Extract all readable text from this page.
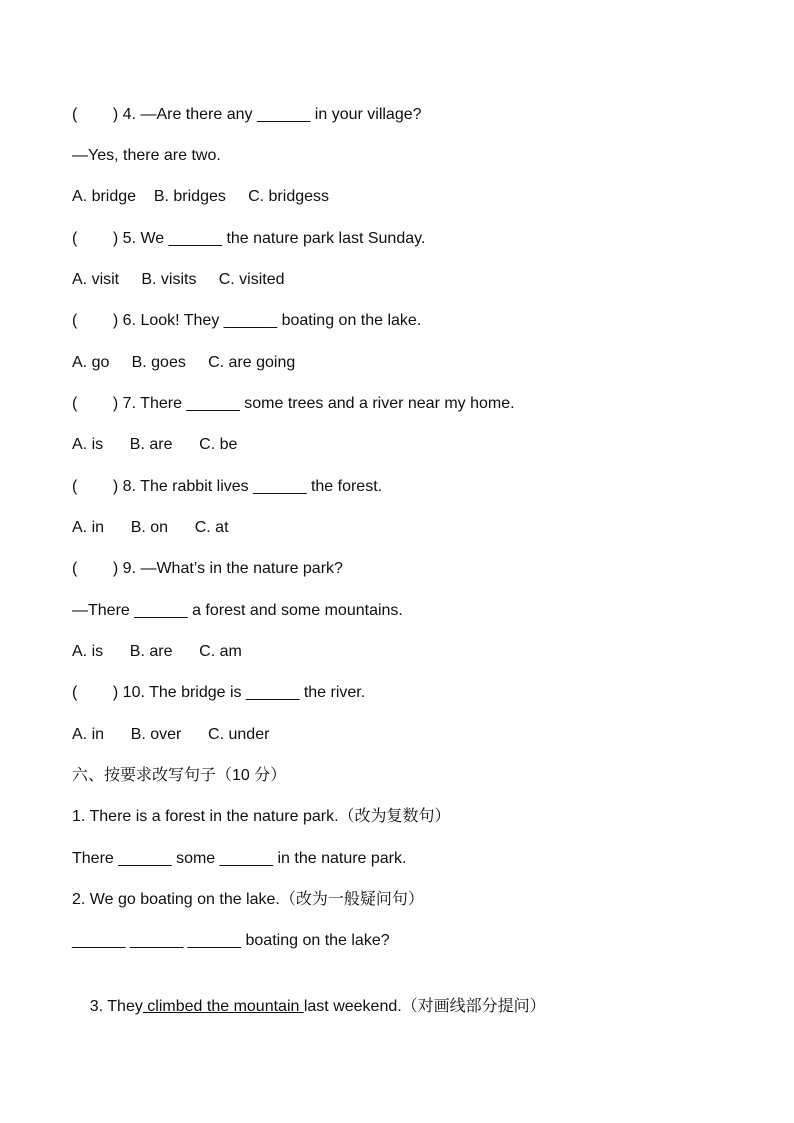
(        ) 4. —Are there any ______ in your village?
—Yes, there are two.
A. bridge    B. bridges     C. bridgess
(        ) 5. We ______ the nature park last Sunday.
A. visit     B. visits     C. visited
(        ) 6. Look! They ______ boating on the lake.
A. go     B. goes     C. are going
(        ) 7. There ______ some trees and a river near my home.
A. is      B. are      C. be
(        ) 8. The rabbit lives ______ the forest.
A. in      B. on      C. at
(        ) 9. —What’s in the nature park?
—There ______ a forest and some mountains.
A. is      B. are      C. am
(        ) 10. The bridge is ______ the river.
A. in      B. over      C. under
六、按要求改写句子（10 分）
1. There is a forest in the nature park.（改为复数句）
There ______ some ______ in the nature park.
2. We go boating on the lake.（改为一般疑问句）
______ ______ ______ boating on the lake?

3. They climbed the mountain last weekend.（对画线部分提问）
